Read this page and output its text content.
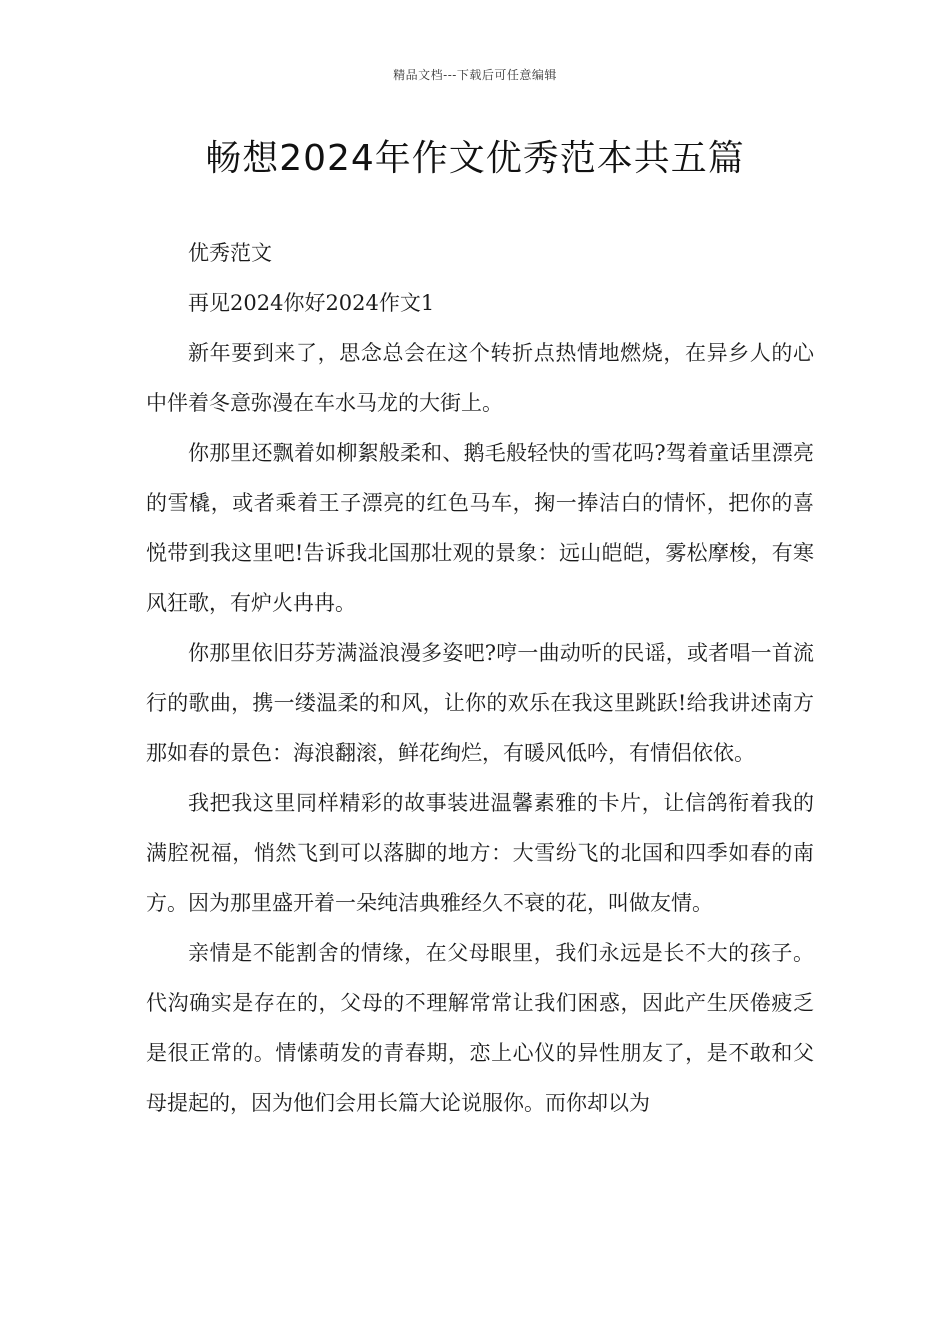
精品文档---下载后可任意编辑
畅想2024年作文优秀范本共五篇

优秀范文

再见2024你好2024作文1

新年要到来了，思念总会在这个转折点热情地燃烧，在异乡人的心中伴着冬意弥漫在车水马龙的大街上。

你那里还飘着如柳絮般柔和、鹅毛般轻快的雪花吗?驾着童话里漂亮的雪橇，或者乘着王子漂亮的红色马车，掬一捧洁白的情怀，把你的喜悦带到我这里吧!告诉我北国那壮观的景象：远山皑皑，雾松摩梭，有寒风狂歌，有炉火冉冉。

你那里依旧芬芳满溢浪漫多姿吧?哼一曲动听的民谣，或者唱一首流行的歌曲，携一缕温柔的和风，让你的欢乐在我这里跳跃!给我讲述南方那如春的景色：海浪翻滚，鲜花绚烂，有暖风低吟，有情侣依依。

我把我这里同样精彩的故事装进温馨素雅的卡片，让信鸽衔着我的满腔祝福，悄然飞到可以落脚的地方：大雪纷飞的北国和四季如春的南方。因为那里盛开着一朵纯洁典雅经久不衰的花，叫做友情。

亲情是不能割舍的情缘，在父母眼里，我们永远是长不大的孩子。代沟确实是存在的，父母的不理解常常让我们困惑，因此产生厌倦疲乏是很正常的。情愫萌发的青春期，恋上心仪的异性朋友了，是不敢和父母提起的，因为他们会用长篇大论说服你。而你却以为
